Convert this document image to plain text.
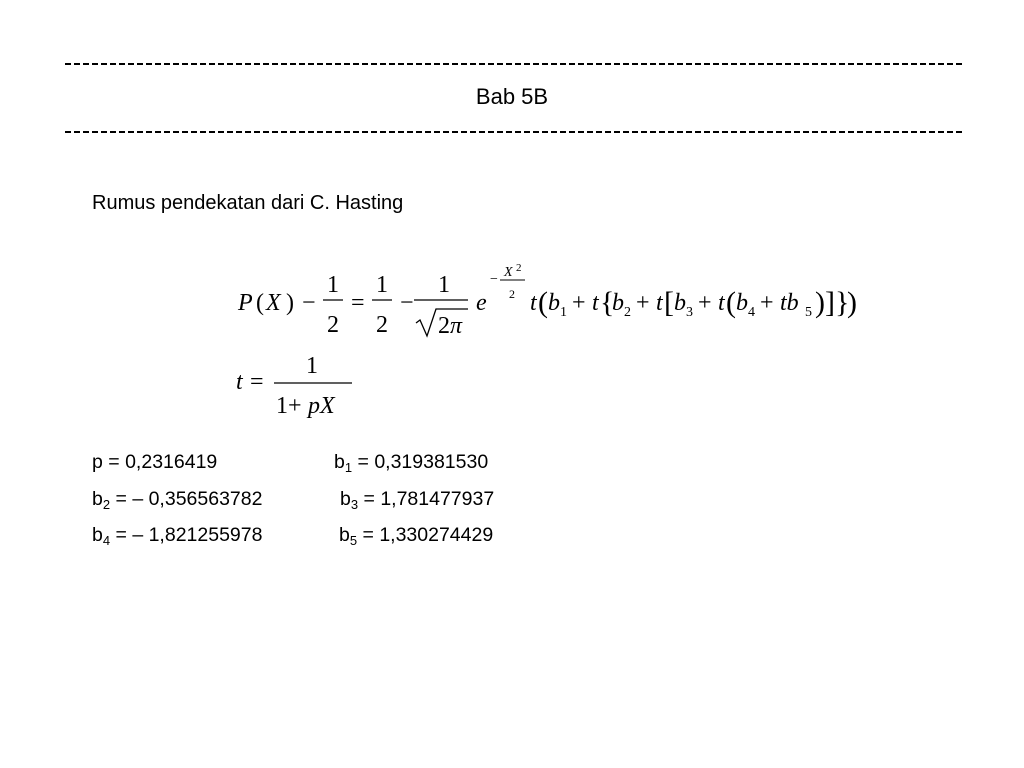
Bab 5B
Rumus pendekatan dari C. Hasting
P ( X ) −
1
2
=
1
2
−
1
2 π
e
− X 2
2 t ( b 1 + t {
b 2 + t [ b 3 + t ( b 4 + tb 5 ) ] }
)
t =
1
1 + pX
p = 0,2316419	$b_1 = 0,319381530$
$b_2$ = – 0,356563782	$b_3 = 1,781477937$
$b_4$ = – 1,821255978	$b_5 = 1,330274429$
